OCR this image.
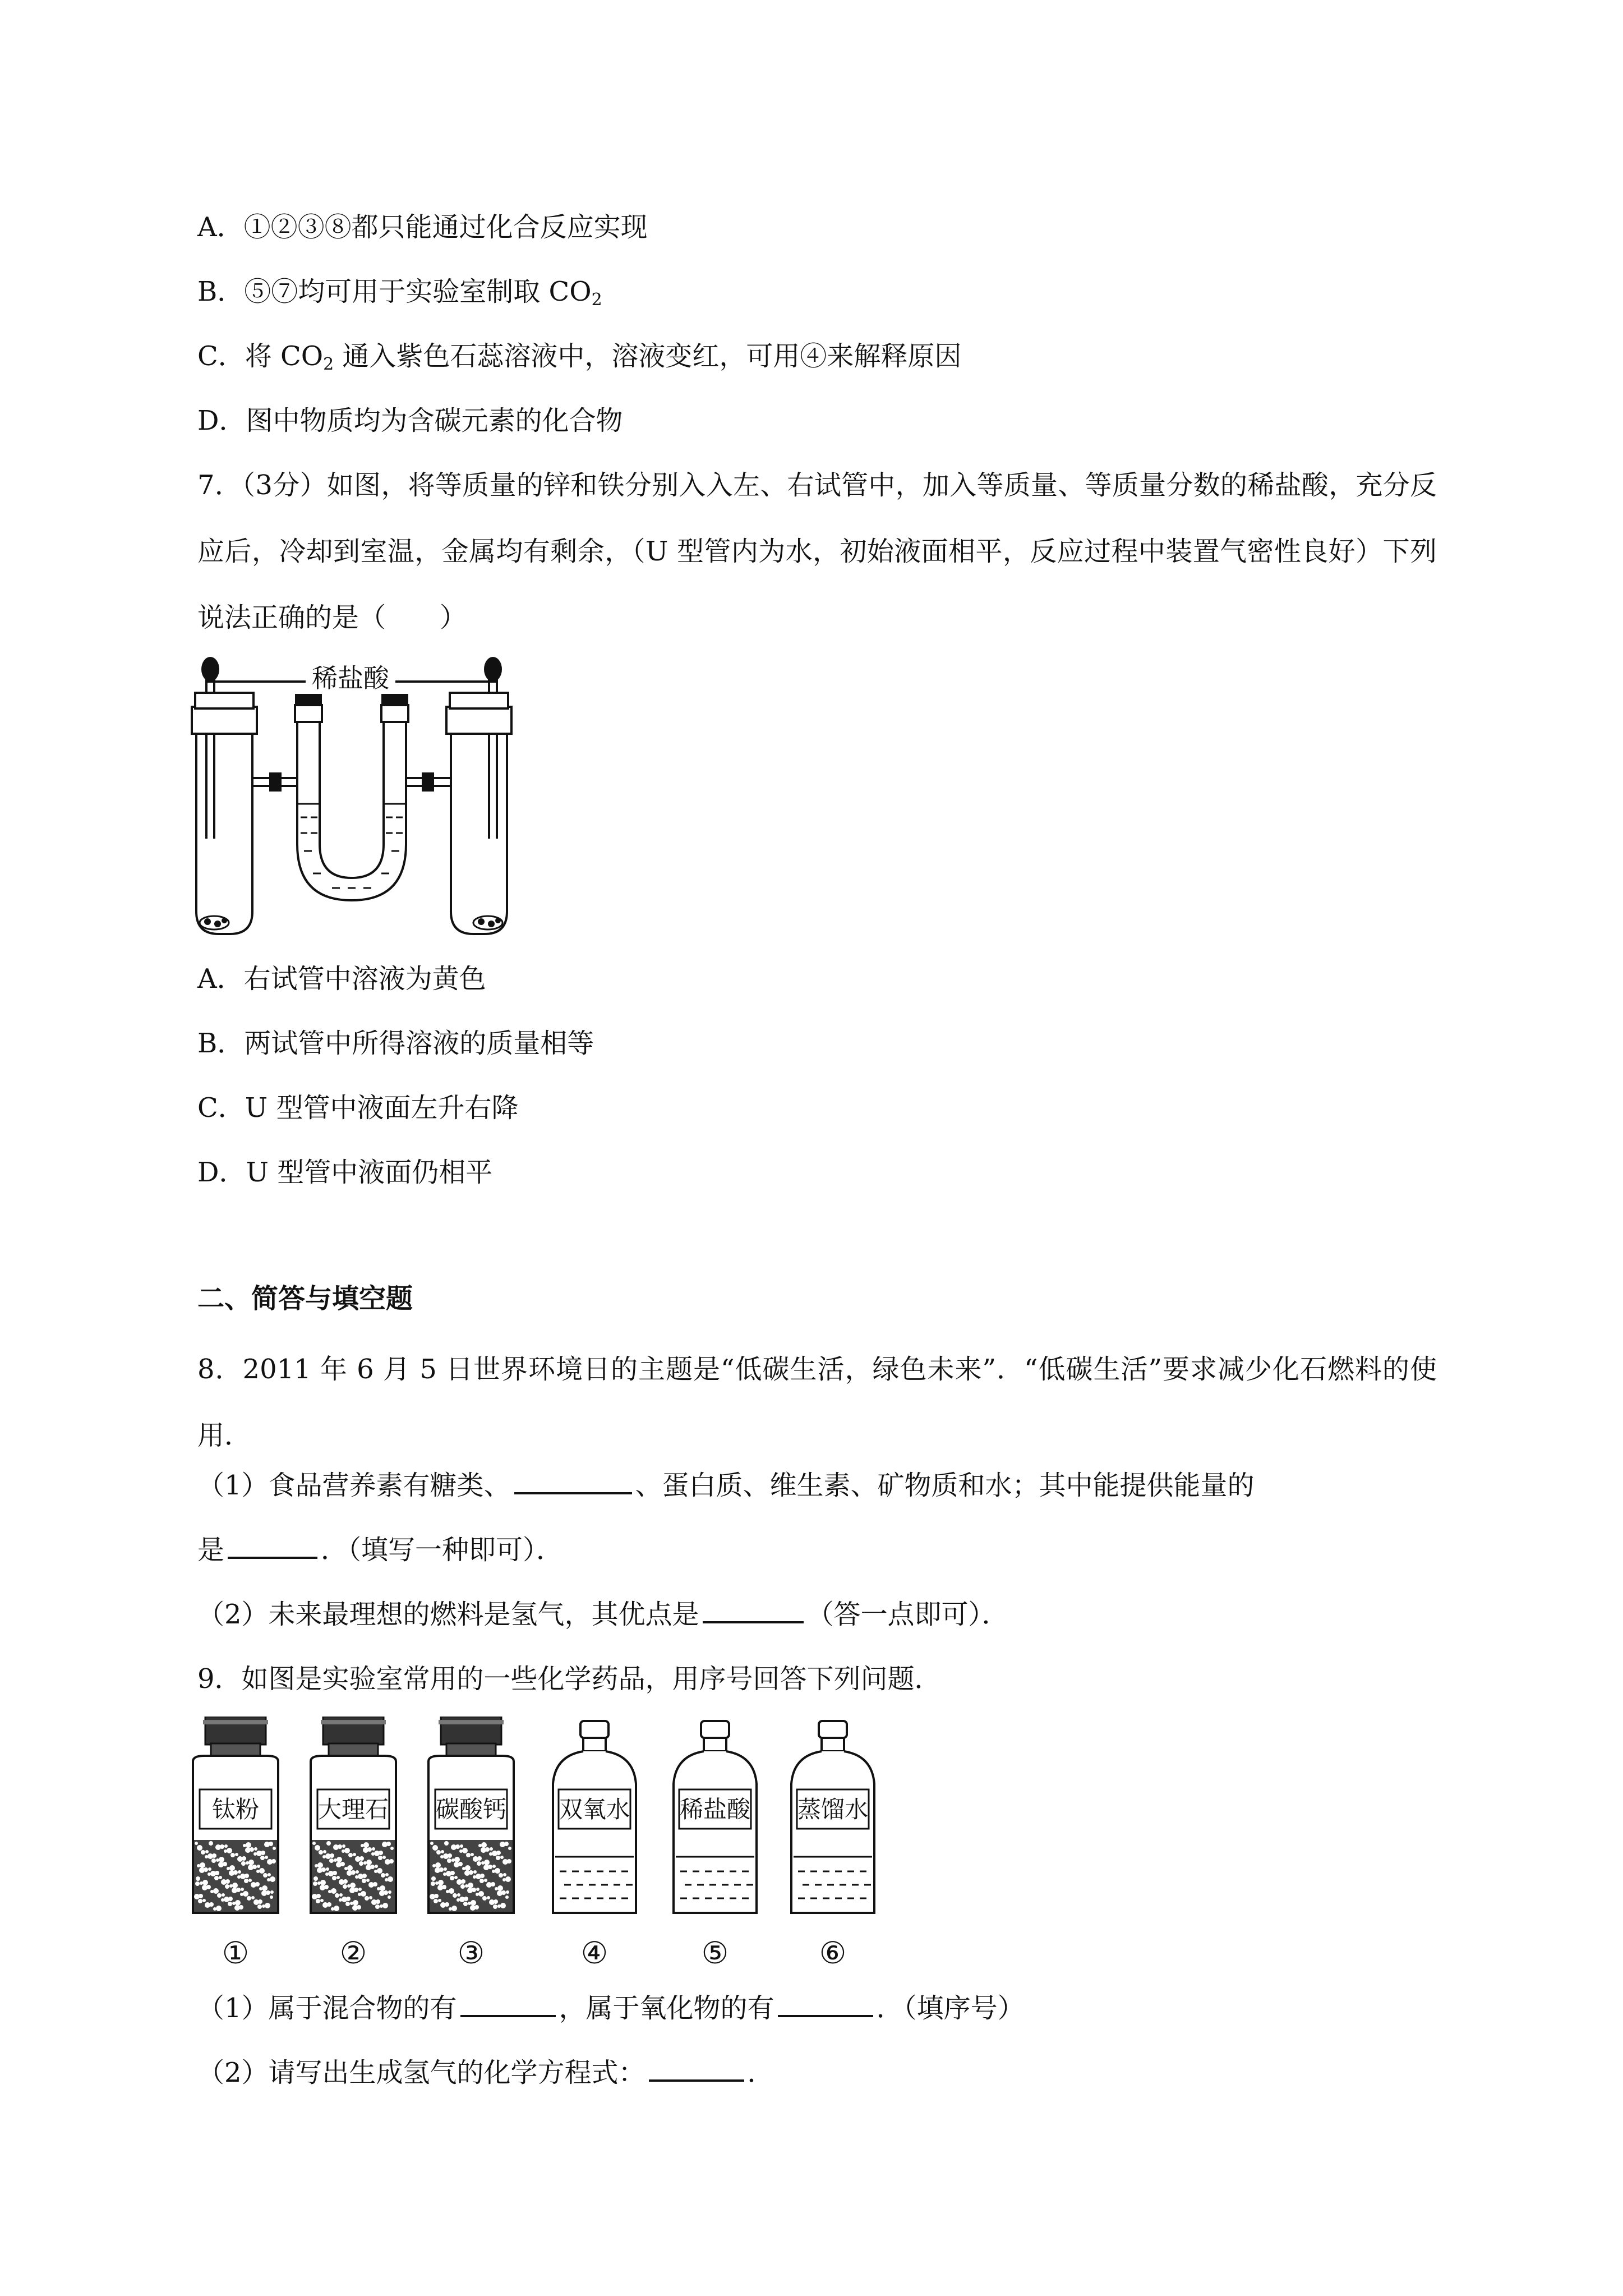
A．①②③⑧都只能通过化合反应实现
B．⑤⑦均可用于实验室制取 $CO_2$
C．将 $CO_2$ 通入紫色石蕊溶液中，溶液变红，可用④来解释原因
D．图中物质均为含碳元素的化合物
7．（3分）如图，将等质量的锌和铁分别入入左、右试管中，加入等质量、等质量分数的稀盐酸，充分反应后，冷却到室温，金属均有剩余，（U 型管内为水，初始液面相平，反应过程中装置气密性良好）下列说法正确的是（　　）
稀盐酸
A．右试管中溶液为黄色
B．两试管中所得溶液的质量相等
C．U 型管中液面左升右降
D．U 型管中液面仍相平
二、简答与填空题
8．2011 年 6 月 5 日世界环境日的主题是“低碳生活，绿色未来”．“低碳生活”要求减少化石燃料的使用．
（1）食品营养素有糖类、	、蛋白质、维生素、矿物质和水；其中能提供能量的
是	．（填写一种即可）．
（2）未来最理想的燃料是氢气，其优点是	（答一点即可）．
9．如图是实验室常用的一些化学药品，用序号回答下列问题．
钛粉
①
大理石
②
碳酸钙
③
双氧水
④
稀盐酸
⑤
蒸馏水
⑥
（1）属于混合物的有	，属于氧化物的有	．（填序号）
（2）请写出生成氢气的化学方程式：	．
